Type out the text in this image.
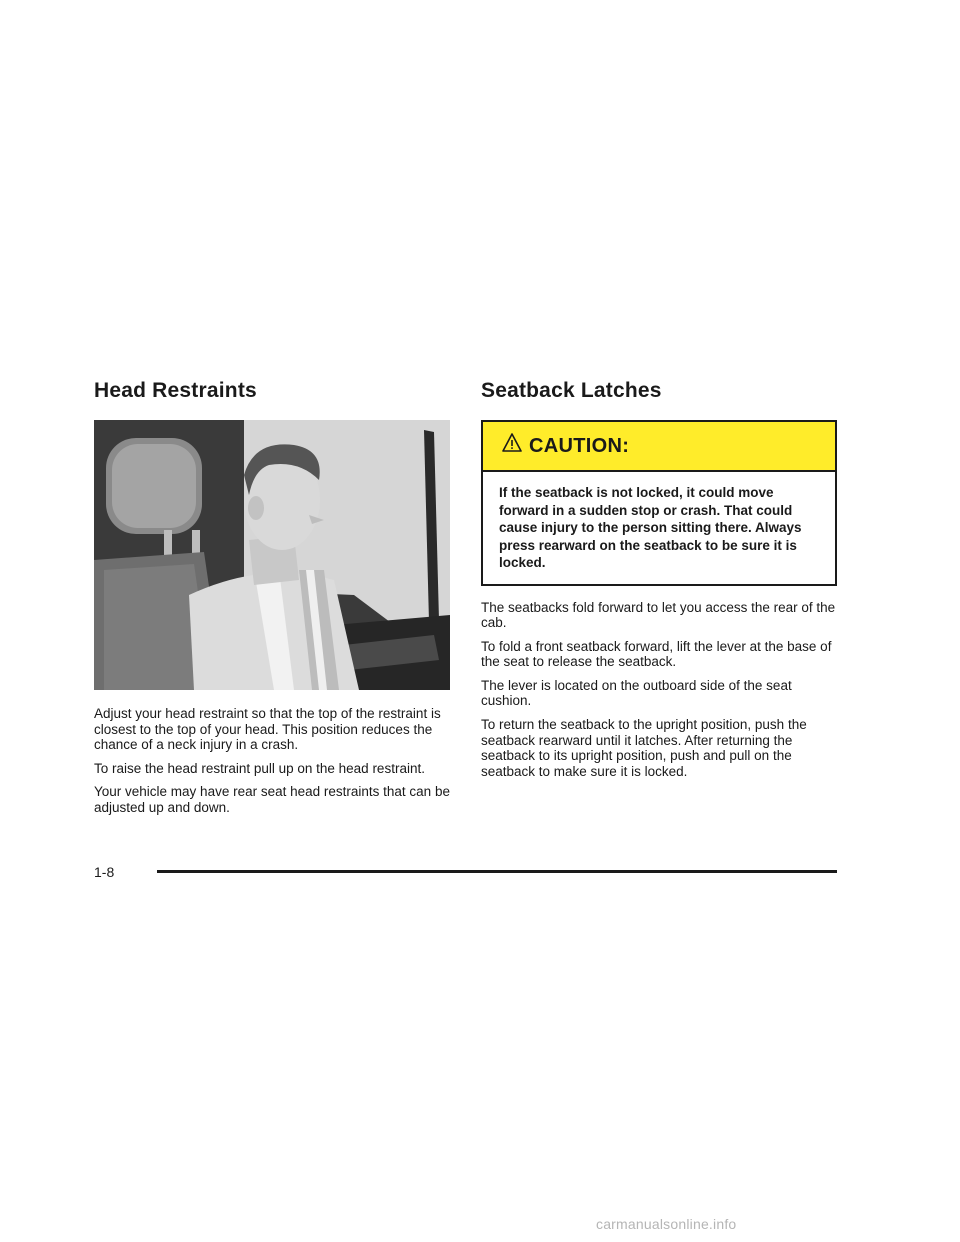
Head Restraints

Adjust your head restraint so that the top of the restraint is closest to the top of your head. This position reduces the chance of a neck injury in a crash.

To raise the head restraint pull up on the head restraint.

Your vehicle may have rear seat head restraints that can be adjusted up and down.

Seatback Latches
CAUTION:

If the seatback is not locked, it could move forward in a sudden stop or crash. That could cause injury to the person sitting there. Always press rearward on the seatback to be sure it is locked.

The seatbacks fold forward to let you access the rear of the cab.

To fold a front seatback forward, lift the lever at the base of the seat to release the seatback.

The lever is located on the outboard side of the seat cushion.

To return the seatback to the upright position, push the seatback rearward until it latches. After returning the seatback to its upright position, push and pull on the seatback to make sure it is locked.

1-8
carmanualsonline.info
